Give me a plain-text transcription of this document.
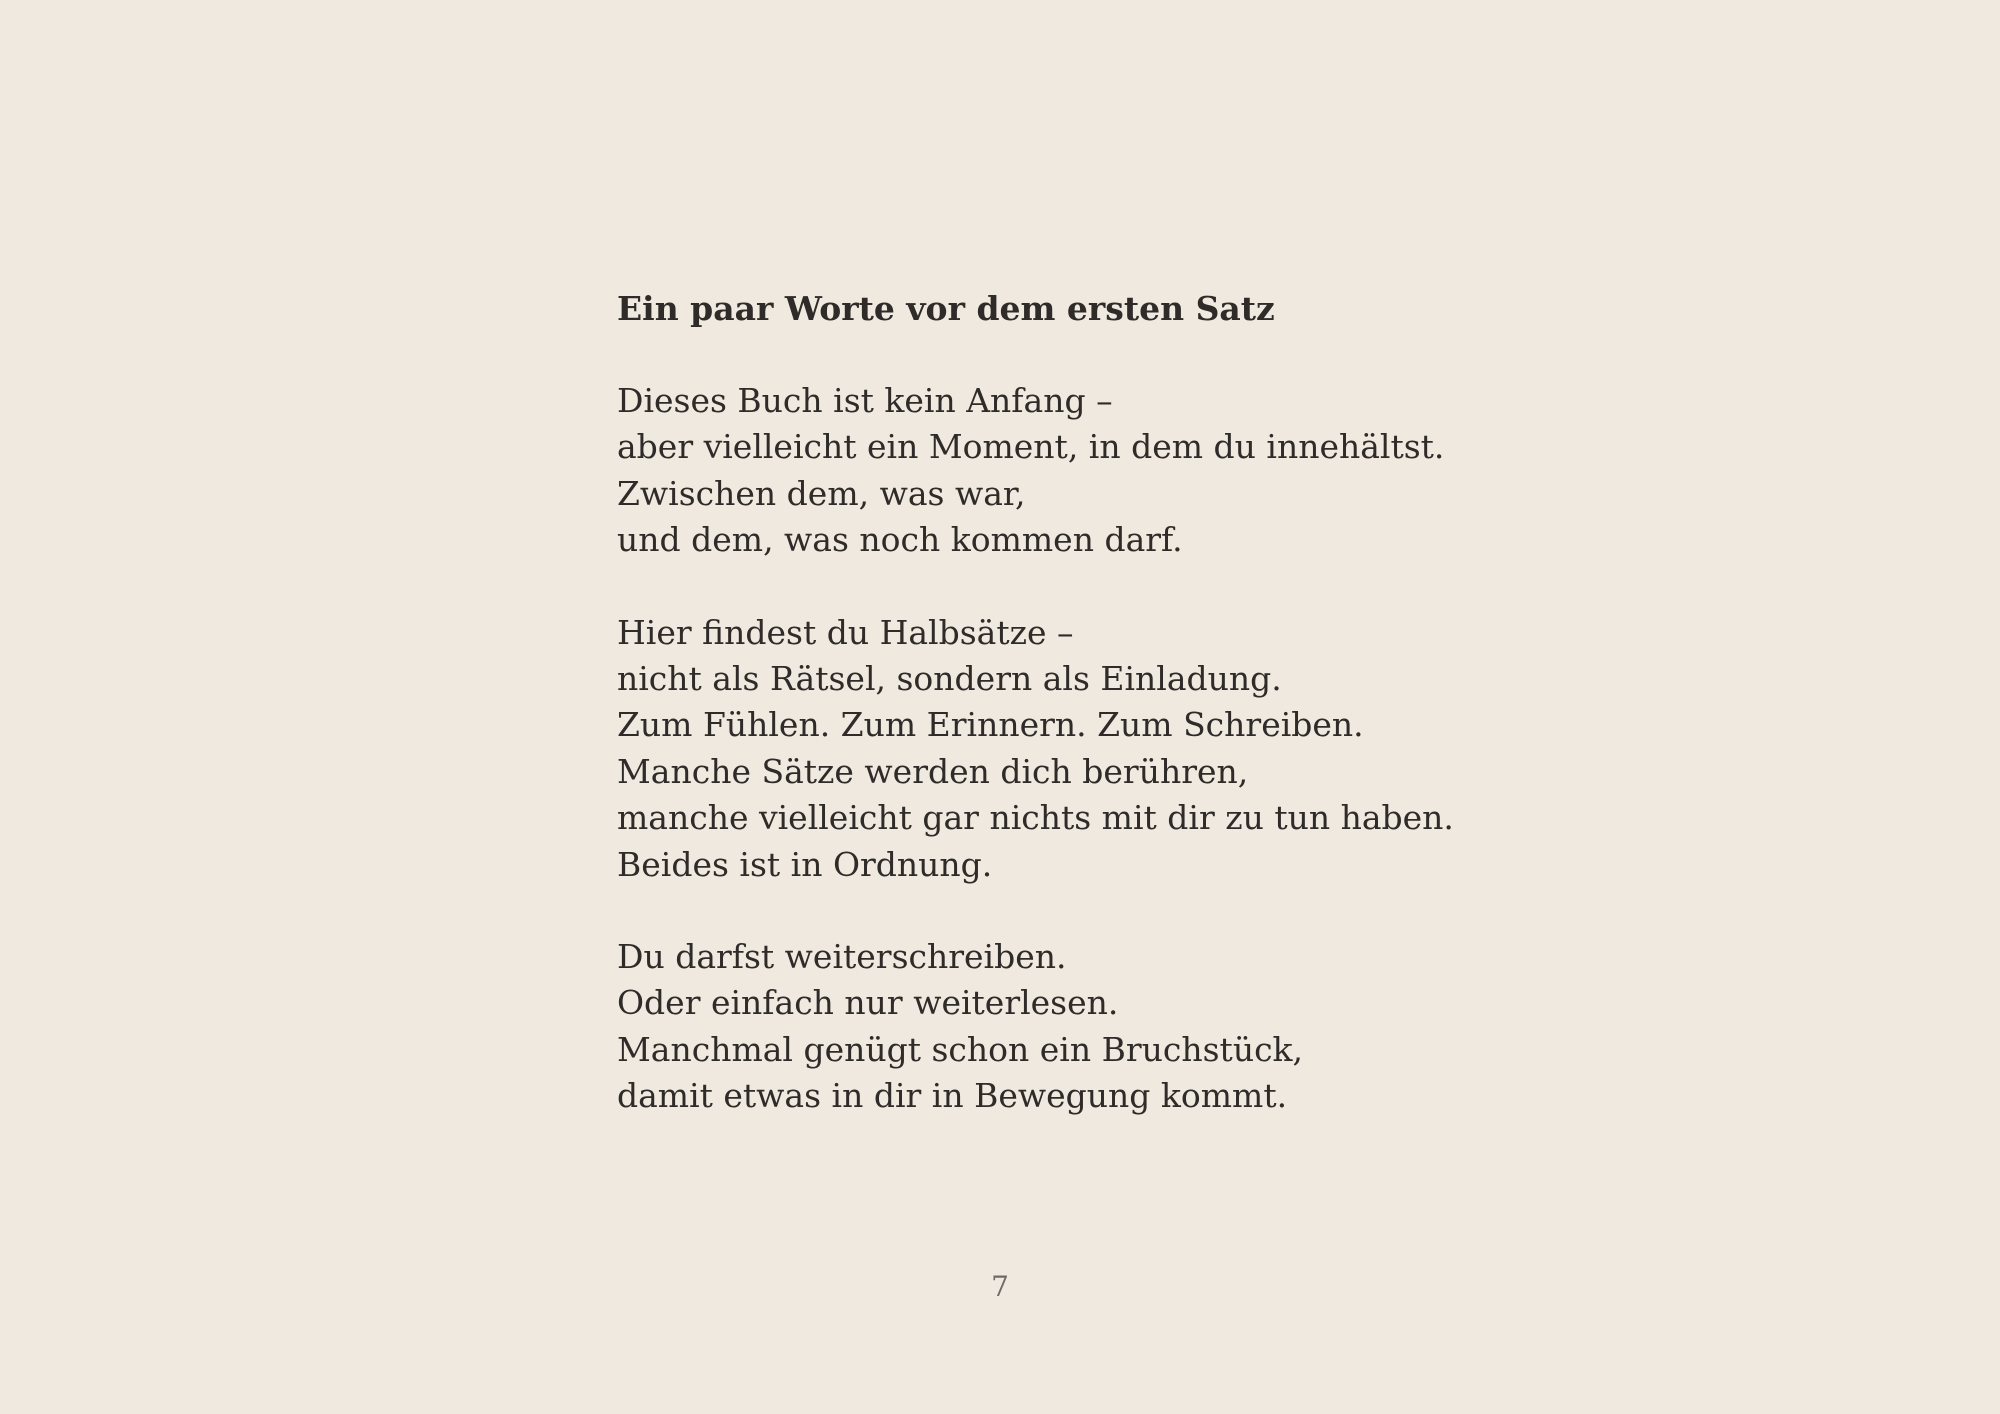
Ein paar Worte vor dem ersten Satz
Dieses Buch ist kein Anfang –
aber vielleicht ein Moment, in dem du innehältst.
Zwischen dem, was war,
und dem, was noch kommen darf.
Hier findest du Halbsätze –
nicht als Rätsel, sondern als Einladung.
Zum Fühlen. Zum Erinnern. Zum Schreiben.
Manche Sätze werden dich berühren,
manche vielleicht gar nichts mit dir zu tun haben.
Beides ist in Ordnung.
Du darfst weiterschreiben.
Oder einfach nur weiterlesen.
Manchmal genügt schon ein Bruchstück,
damit etwas in dir in Bewegung kommt.
7
